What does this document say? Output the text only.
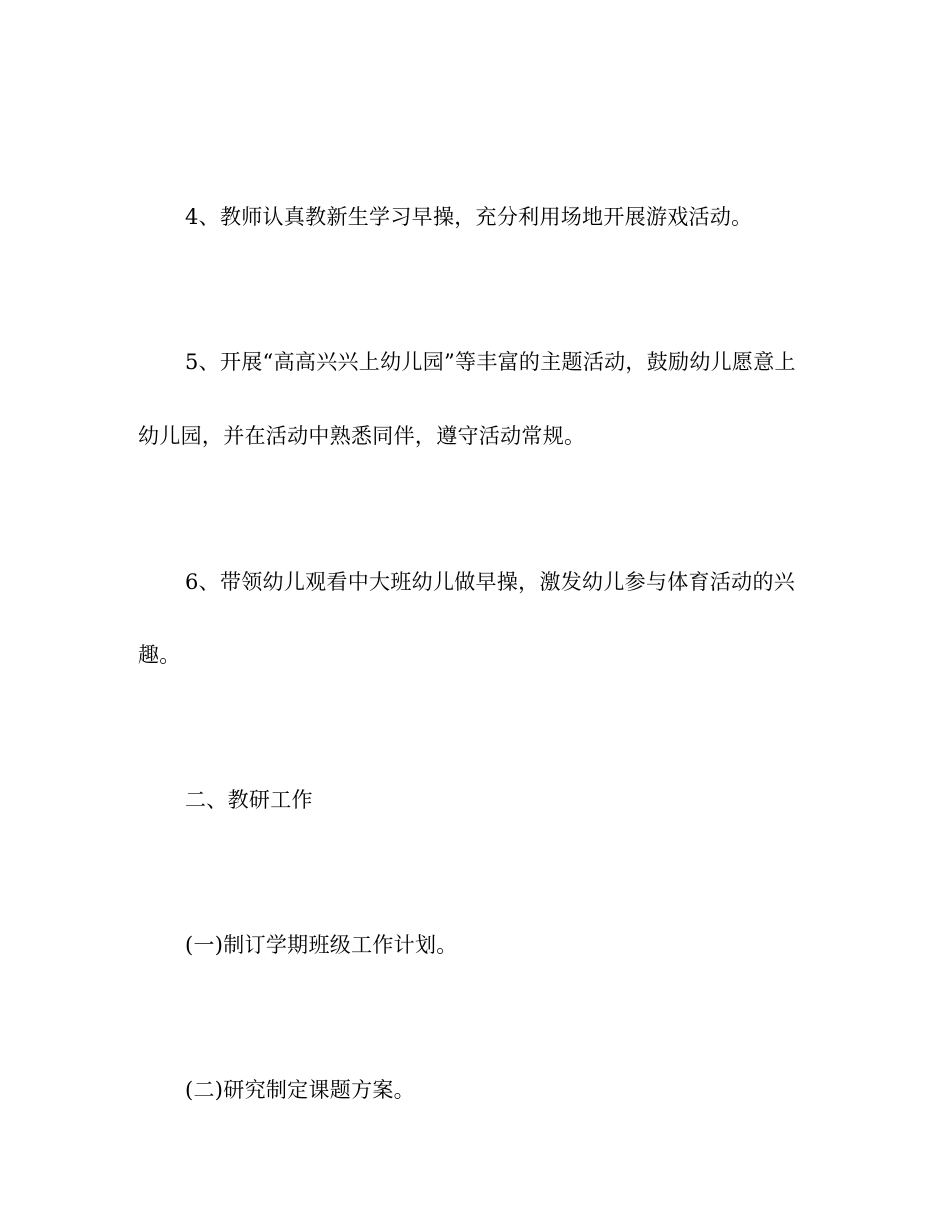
4、教师认真教新生学习早操，充分利用场地开展游戏活动。
5、开展“高高兴兴上幼儿园”等丰富的主题活动，鼓励幼儿愿意上
幼儿园，并在活动中熟悉同伴，遵守活动常规。
6、带领幼儿观看中大班幼儿做早操，激发幼儿参与体育活动的兴
趣。
二、教研工作
(一)制订学期班级工作计划。
(二)研究制定课题方案。
